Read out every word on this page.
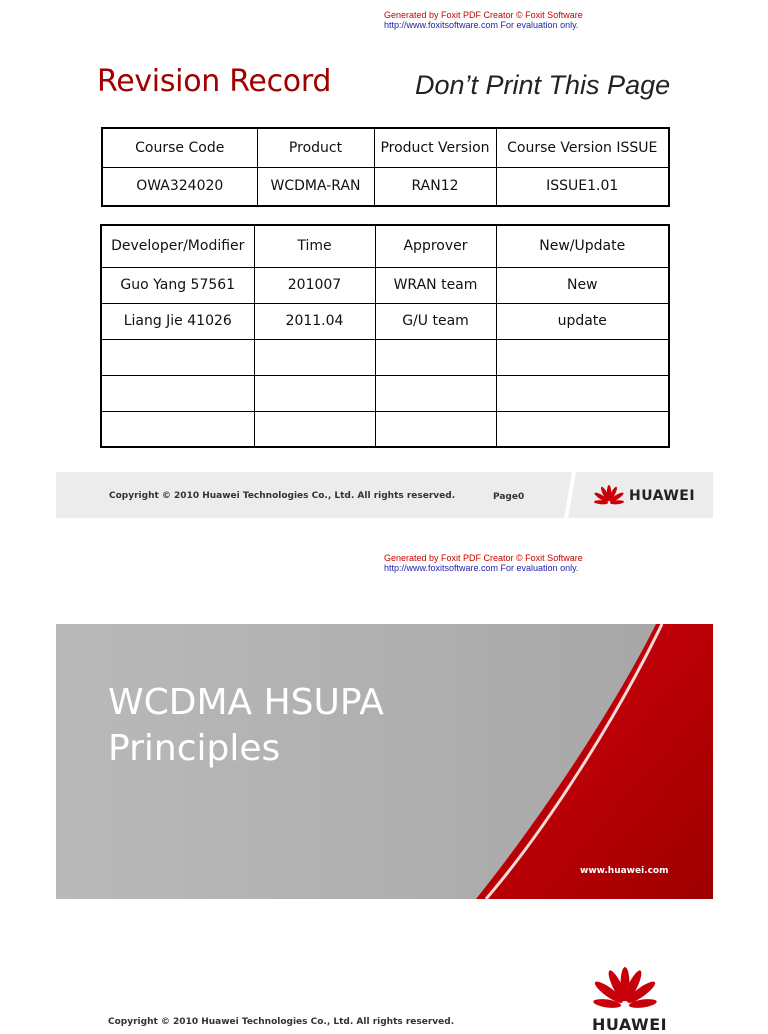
Generated by Foxit PDF Creator © Foxit Software
http://www.foxitsoftware.com For evaluation only.
Revision Record	Don’t Print This Page
Course Code	Product	Product Version	Course Version ISSUE
OWA324020	WCDMA-RAN	RAN12	ISSUE1.01
Developer/Modifier	Time	Approver	New/Update
Guo Yang 57561	201007	WRAN team	New
Liang Jie 41026	2011.04	G/U team	update

Copyright © 2010 Huawei Technologies Co., Ltd. All rights reserved.	Page0	HUAWEI
Generated by Foxit PDF Creator © Foxit Software
http://www.foxitsoftware.com For evaluation only.
WCDMA HSUPA
Principles
www.huawei.com
Copyright © 2010 Huawei Technologies Co., Ltd. All rights reserved.	HUAWEI
